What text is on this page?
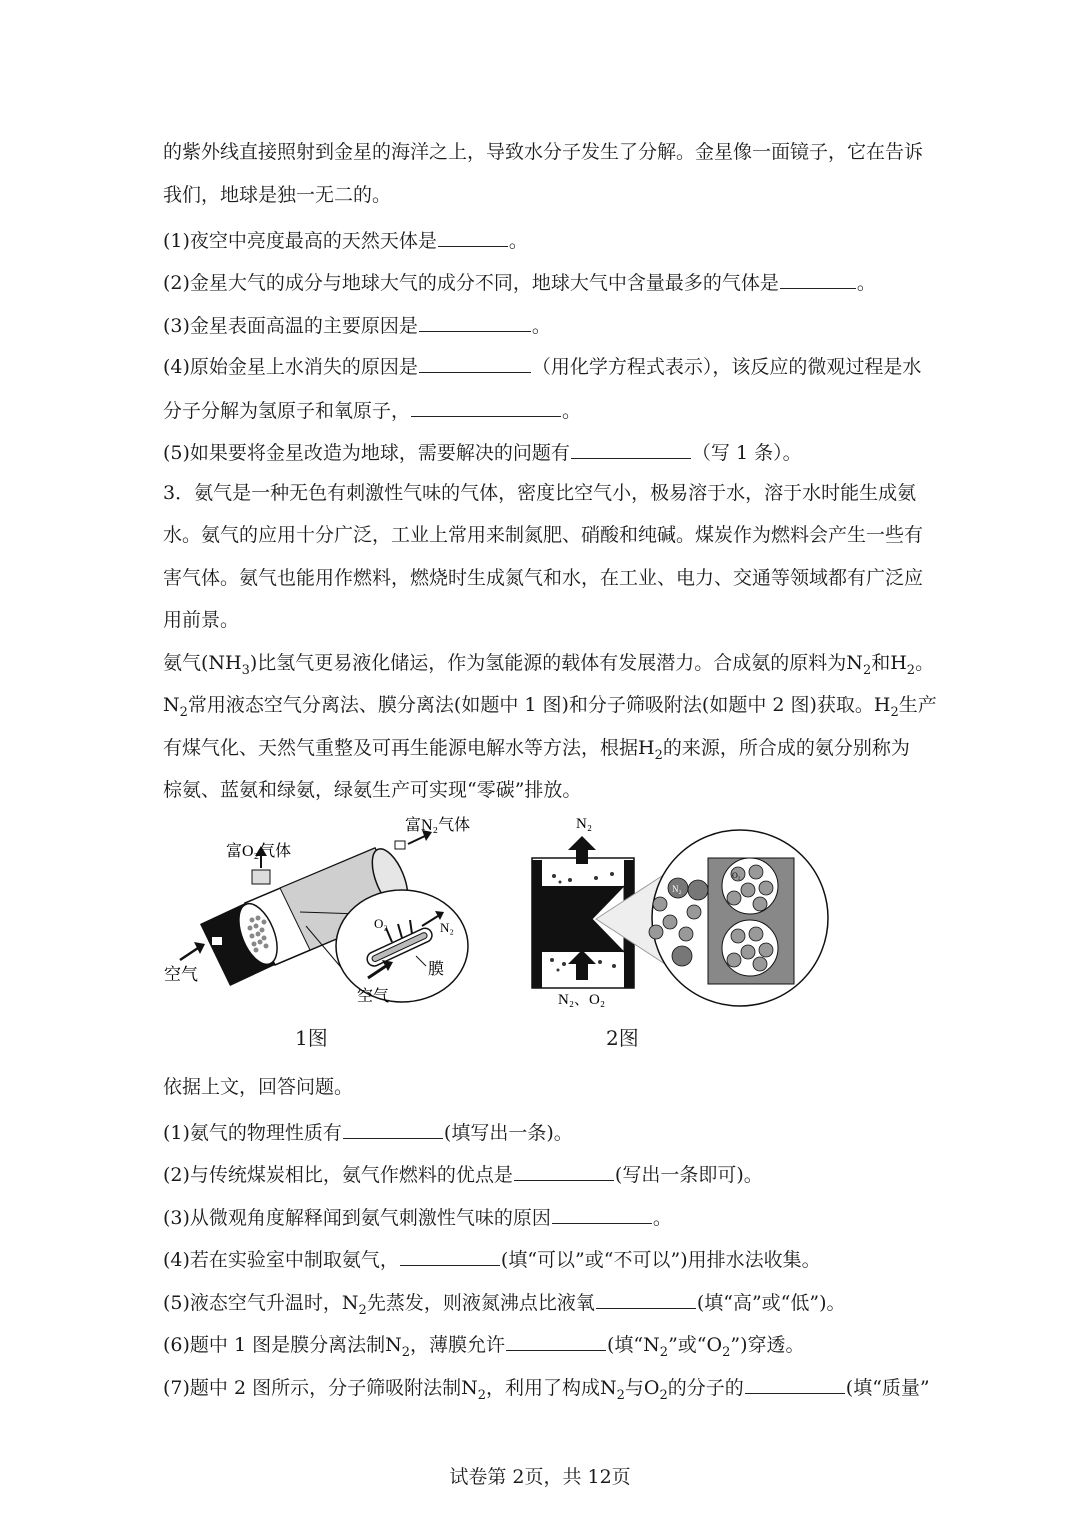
的紫外线直接照射到金星的海洋之上，导致水分子发生了分解。金星像一面镜子，它在告诉
我们，地球是独一无二的。
(1)夜空中亮度最高的天然天体是	。
(2)金星大气的成分与地球大气的成分不同，地球大气中含量最多的气体是	。
(3)金星表面高温的主要原因是	。
(4)原始金星上水消失的原因是	（用化学方程式表示），该反应的微观过程是水
分子分解为氢原子和氧原子，	。
(5)如果要将金星改造为地球，需要解决的问题有	（写 1 条）。
3．氨气是一种无色有刺激性气味的气体，密度比空气小，极易溶于水，溶于水时能生成氨
水。氨气的应用十分广泛，工业上常用来制氮肥、硝酸和纯碱。煤炭作为燃料会产生一些有
害气体。氨气也能用作燃料，燃烧时生成氮气和水，在工业、电力、交通等领域都有广泛应
用前景。
氨气$(NH_3)$比氢气更易液化储运，作为氢能源的载体有发展潜力。合成氨的原料为$N_2$和$H_2$。
$N_2$常用液态空气分离法、膜分离法(如题中 1 图)和分子筛吸附法(如题中 2 图)获取。$H_2$生产
有煤气化、天然气重整及可再生能源电解水等方法，根据$H_2$的来源，所合成的氨分别称为
棕氨、蓝氨和绿氨，绿氨生产可实现“零碳”排放。
富N₂气体
富O₂气体
空气
空气
膜
O₂	N₂
N₂
N₂、O₂
N₂
O₂
1图	2图
依据上文，回答问题。
(1)氨气的物理性质有	(填写出一条)。
(2)与传统煤炭相比，氨气作燃料的优点是	(写出一条即可)。
(3)从微观角度解释闻到氨气刺激性气味的原因	。
(4)若在实验室中制取氨气，	(填“可以”或“不可以”)用排水法收集。
(5)液态空气升温时，$N_2$先蒸发，则液氮沸点比液氧	(填“高”或“低”)。
(6)题中 1 图是膜分离法制$N_2$，薄膜允许	(填“$N_2$”或“$O_2$”)穿透。
(7)题中 2 图所示，分子筛吸附法制$N_2$，利用了构成$N_2$与$O_2$的分子的	(填“质量”
试卷第 2页，共 12页
